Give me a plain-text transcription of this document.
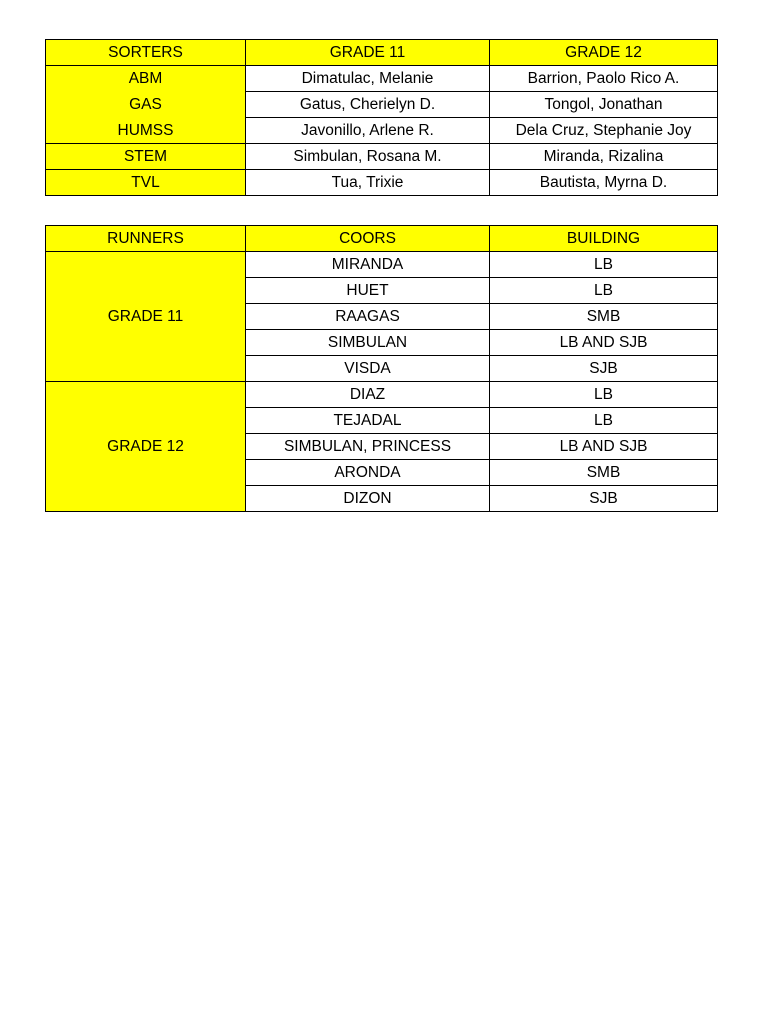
SORTERS	GRADE 11	GRADE 12
ABM	Dimatulac, Melanie	Barrion, Paolo Rico A.
GAS	Gatus, Cherielyn D.	Tongol, Jonathan
HUMSS	Javonillo, Arlene R.	Dela Cruz, Stephanie Joy
STEM	Simbulan, Rosana M.	Miranda, Rizalina
TVL	Tua, Trixie	Bautista, Myrna D.
RUNNERS	COORS	BUILDING
GRADE 11	MIRANDA	LB
	HUET	LB
	RAAGAS	SMB
	SIMBULAN	LB AND SJB
	VISDA	SJB
GRADE 12	DIAZ	LB
	TEJADAL	LB
	SIMBULAN, PRINCESS	LB AND SJB
	ARONDA	SMB
	DIZON	SJB
